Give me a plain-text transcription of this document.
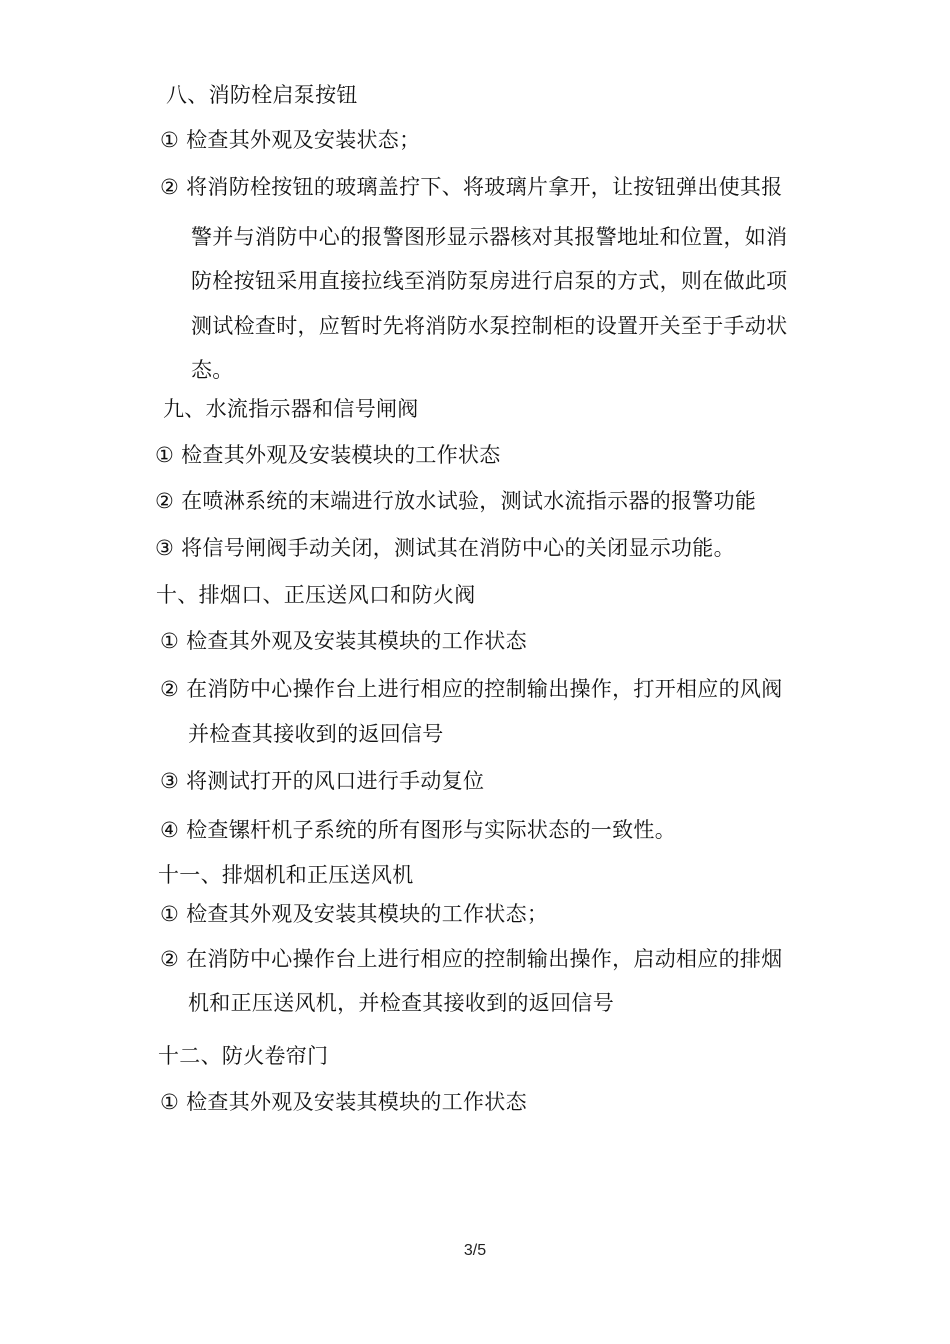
八、消防栓启泵按钮
① 检查其外观及安装状态；
② 将消防栓按钮的玻璃盖拧下、将玻璃片拿开，让按钮弹出使其报
警并与消防中心的报警图形显示器核对其报警地址和位置，如消
防栓按钮采用直接拉线至消防泵房进行启泵的方式，则在做此项
测试检查时，应暂时先将消防水泵控制柜的设置开关至于手动状
态。
九、水流指示器和信号闸阀
① 检查其外观及安装模块的工作状态
② 在喷淋系统的末端进行放水试验，测试水流指示器的报警功能
③ 将信号闸阀手动关闭，测试其在消防中心的关闭显示功能。
十、排烟口、正压送风口和防火阀
① 检查其外观及安装其模块的工作状态
② 在消防中心操作台上进行相应的控制输出操作，打开相应的风阀
并检查其接收到的返回信号
③ 将测试打开的风口进行手动复位
④ 检查镙杆机子系统的所有图形与实际状态的一致性。
十一、排烟机和正压送风机
① 检查其外观及安装其模块的工作状态；
② 在消防中心操作台上进行相应的控制输出操作，启动相应的排烟
机和正压送风机，并检查其接收到的返回信号
十二、防火卷帘门
① 检查其外观及安装其模块的工作状态
3/5
